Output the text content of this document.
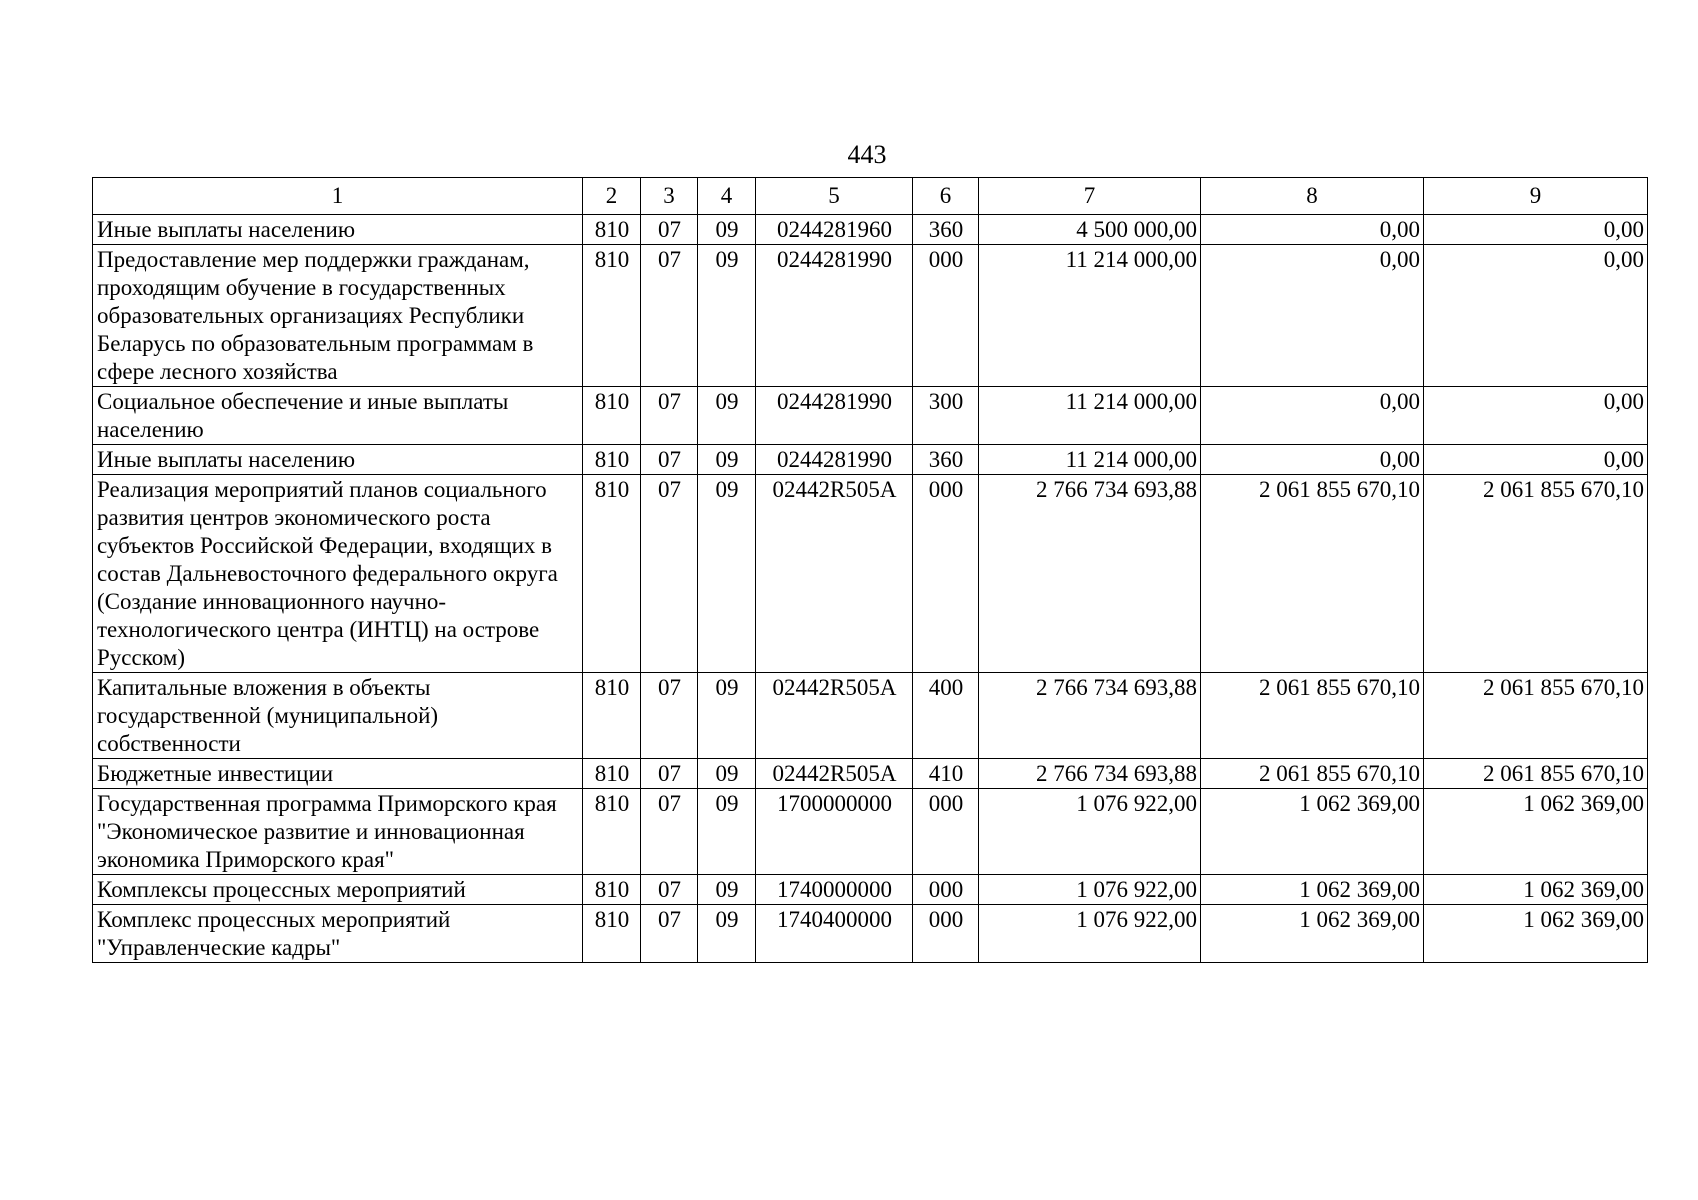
443
1	2	3	4	5	6	7	8	9
Иные выплаты населению	810	07	09	0244281960	360	4 500 000,00	0,00	0,00
Предоставление мер поддержки гражданам, проходящим обучение в государственных образовательных организациях Республики Беларусь по образовательным программам в сфере лесного хозяйства	810	07	09	0244281990	000	11 214 000,00	0,00	0,00
Социальное обеспечение и иные выплаты населению	810	07	09	0244281990	300	11 214 000,00	0,00	0,00
Иные выплаты населению	810	07	09	0244281990	360	11 214 000,00	0,00	0,00
Реализация мероприятий планов социального развития центров экономического роста субъектов Российской Федерации, входящих в состав Дальневосточного федерального округа (Создание инновационного научно-технологического центра (ИНТЦ) на острове Русском)	810	07	09	02442R505A	000	2 766 734 693,88	2 061 855 670,10	2 061 855 670,10
Капитальные вложения в объекты государственной (муниципальной) собственности	810	07	09	02442R505A	400	2 766 734 693,88	2 061 855 670,10	2 061 855 670,10
Бюджетные инвестиции	810	07	09	02442R505A	410	2 766 734 693,88	2 061 855 670,10	2 061 855 670,10
Государственная программа Приморского края "Экономическое развитие и инновационная экономика Приморского края"	810	07	09	1700000000	000	1 076 922,00	1 062 369,00	1 062 369,00
Комплексы процессных мероприятий	810	07	09	1740000000	000	1 076 922,00	1 062 369,00	1 062 369,00
Комплекс процессных мероприятий "Управленческие кадры"	810	07	09	1740400000	000	1 076 922,00	1 062 369,00	1 062 369,00
